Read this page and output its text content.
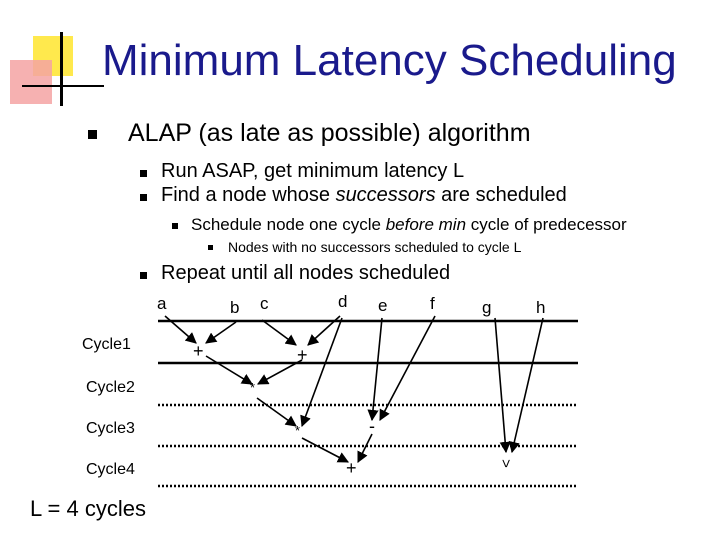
Minimum Latency Scheduling

ALAP (as late as possible) algorithm

Run ASAP, get minimum latency L

Find a node whose successors are scheduled

Schedule node one cycle before min cycle of predecessor

Nodes with no successors scheduled to cycle L

Repeat until all nodes scheduled

a	b c	d e	f	g	h
Cycle1
Cycle2
Cycle3
Cycle4
+	+
*
*	-
+	<
L = 4 cycles
